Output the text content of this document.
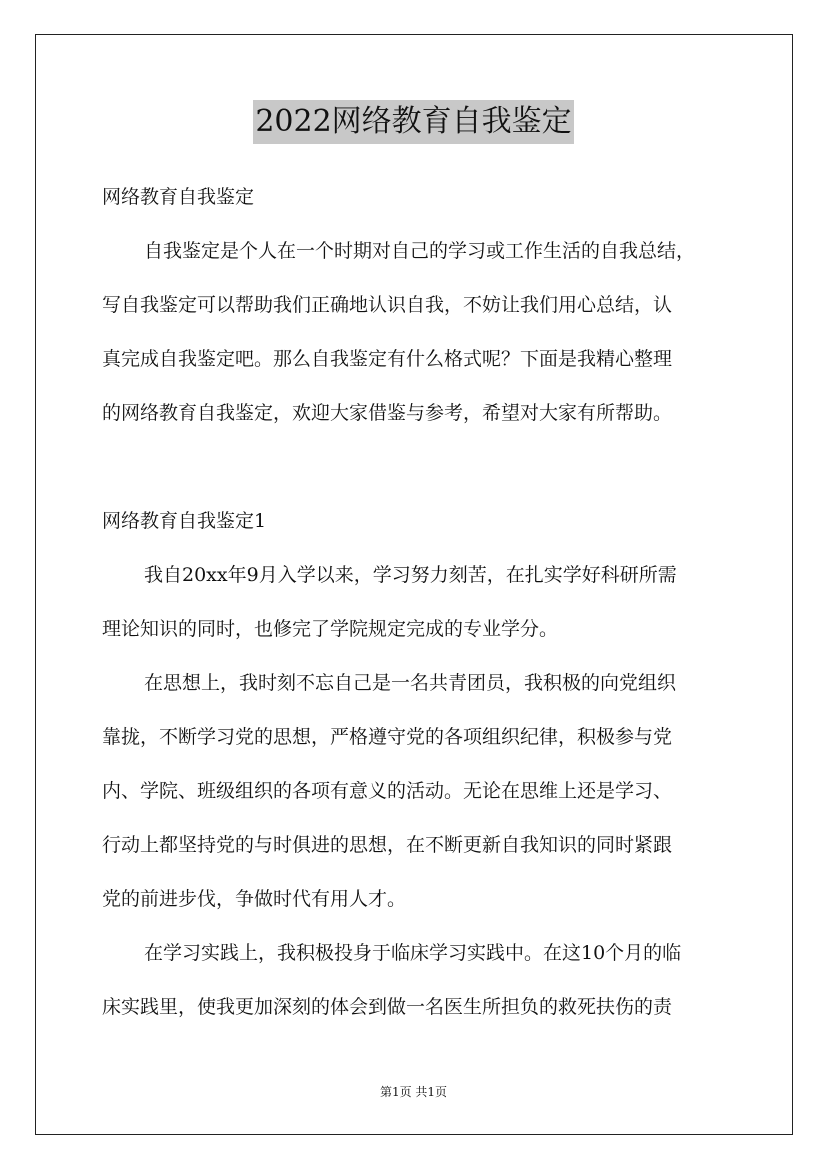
2022网络教育自我鉴定

网络教育自我鉴定

自我鉴定是个人在一个时期对自己的学习或工作生活的自我总结，

写自我鉴定可以帮助我们正确地认识自我，不妨让我们用心总结，认

真完成自我鉴定吧。那么自我鉴定有什么格式呢？下面是我精心整理

的网络教育自我鉴定，欢迎大家借鉴与参考，希望对大家有所帮助。

网络教育自我鉴定1

我自20xx年9月入学以来，学习努力刻苦，在扎实学好科研所需

理论知识的同时，也修完了学院规定完成的专业学分。

在思想上，我时刻不忘自己是一名共青团员，我积极的向党组织

靠拢，不断学习党的思想，严格遵守党的各项组织纪律，积极参与党

内、学院、班级组织的各项有意义的活动。无论在思维上还是学习、

行动上都坚持党的与时俱进的思想，在不断更新自我知识的同时紧跟

党的前进步伐，争做时代有用人才。

在学习实践上，我积极投身于临床学习实践中。在这10个月的临

床实践里，使我更加深刻的体会到做一名医生所担负的救死扶伤的责

第1页 共1页
